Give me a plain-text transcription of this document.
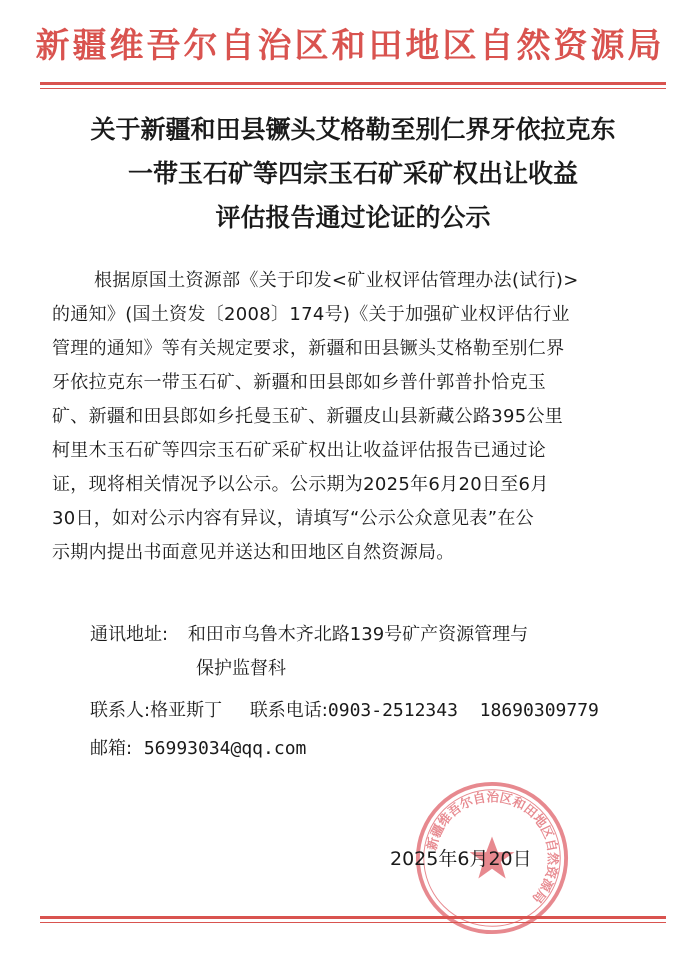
新疆维吾尔自治区和田地区自然资源局
关于新疆和田县镢头艾格勒至别仁界牙依拉克东
一带玉石矿等四宗玉石矿采矿权出让收益
评估报告通过论证的公示
根据原国土资源部《关于印发<矿业权评估管理办法(试行)>
的通知》(国土资发〔2008〕174号)《关于加强矿业权评估行业
管理的通知》等有关规定要求，新疆和田县镢头艾格勒至别仁界
牙依拉克东一带玉石矿、新疆和田县郎如乡普什郭普扑恰克玉
矿、新疆和田县郎如乡托曼玉矿、新疆皮山县新藏公路395公里
柯里木玉石矿等四宗玉石矿采矿权出让收益评估报告已通过论
证，现将相关情况予以公示。公示期为2025年6月20日至6月
30日，如对公示内容有异议，请填写“公示公众意见表”在公
示期内提出书面意见并送达和田地区自然资源局。
通讯地址: 和田市乌鲁木齐北路139号矿产资源管理与
保护监督科
联系人:格亚斯丁 联系电话:0903-2512343 18690309779
邮箱: 56993034@qq.com
新疆维吾尔自治区和田地区自然资源局
2025年6月20日
